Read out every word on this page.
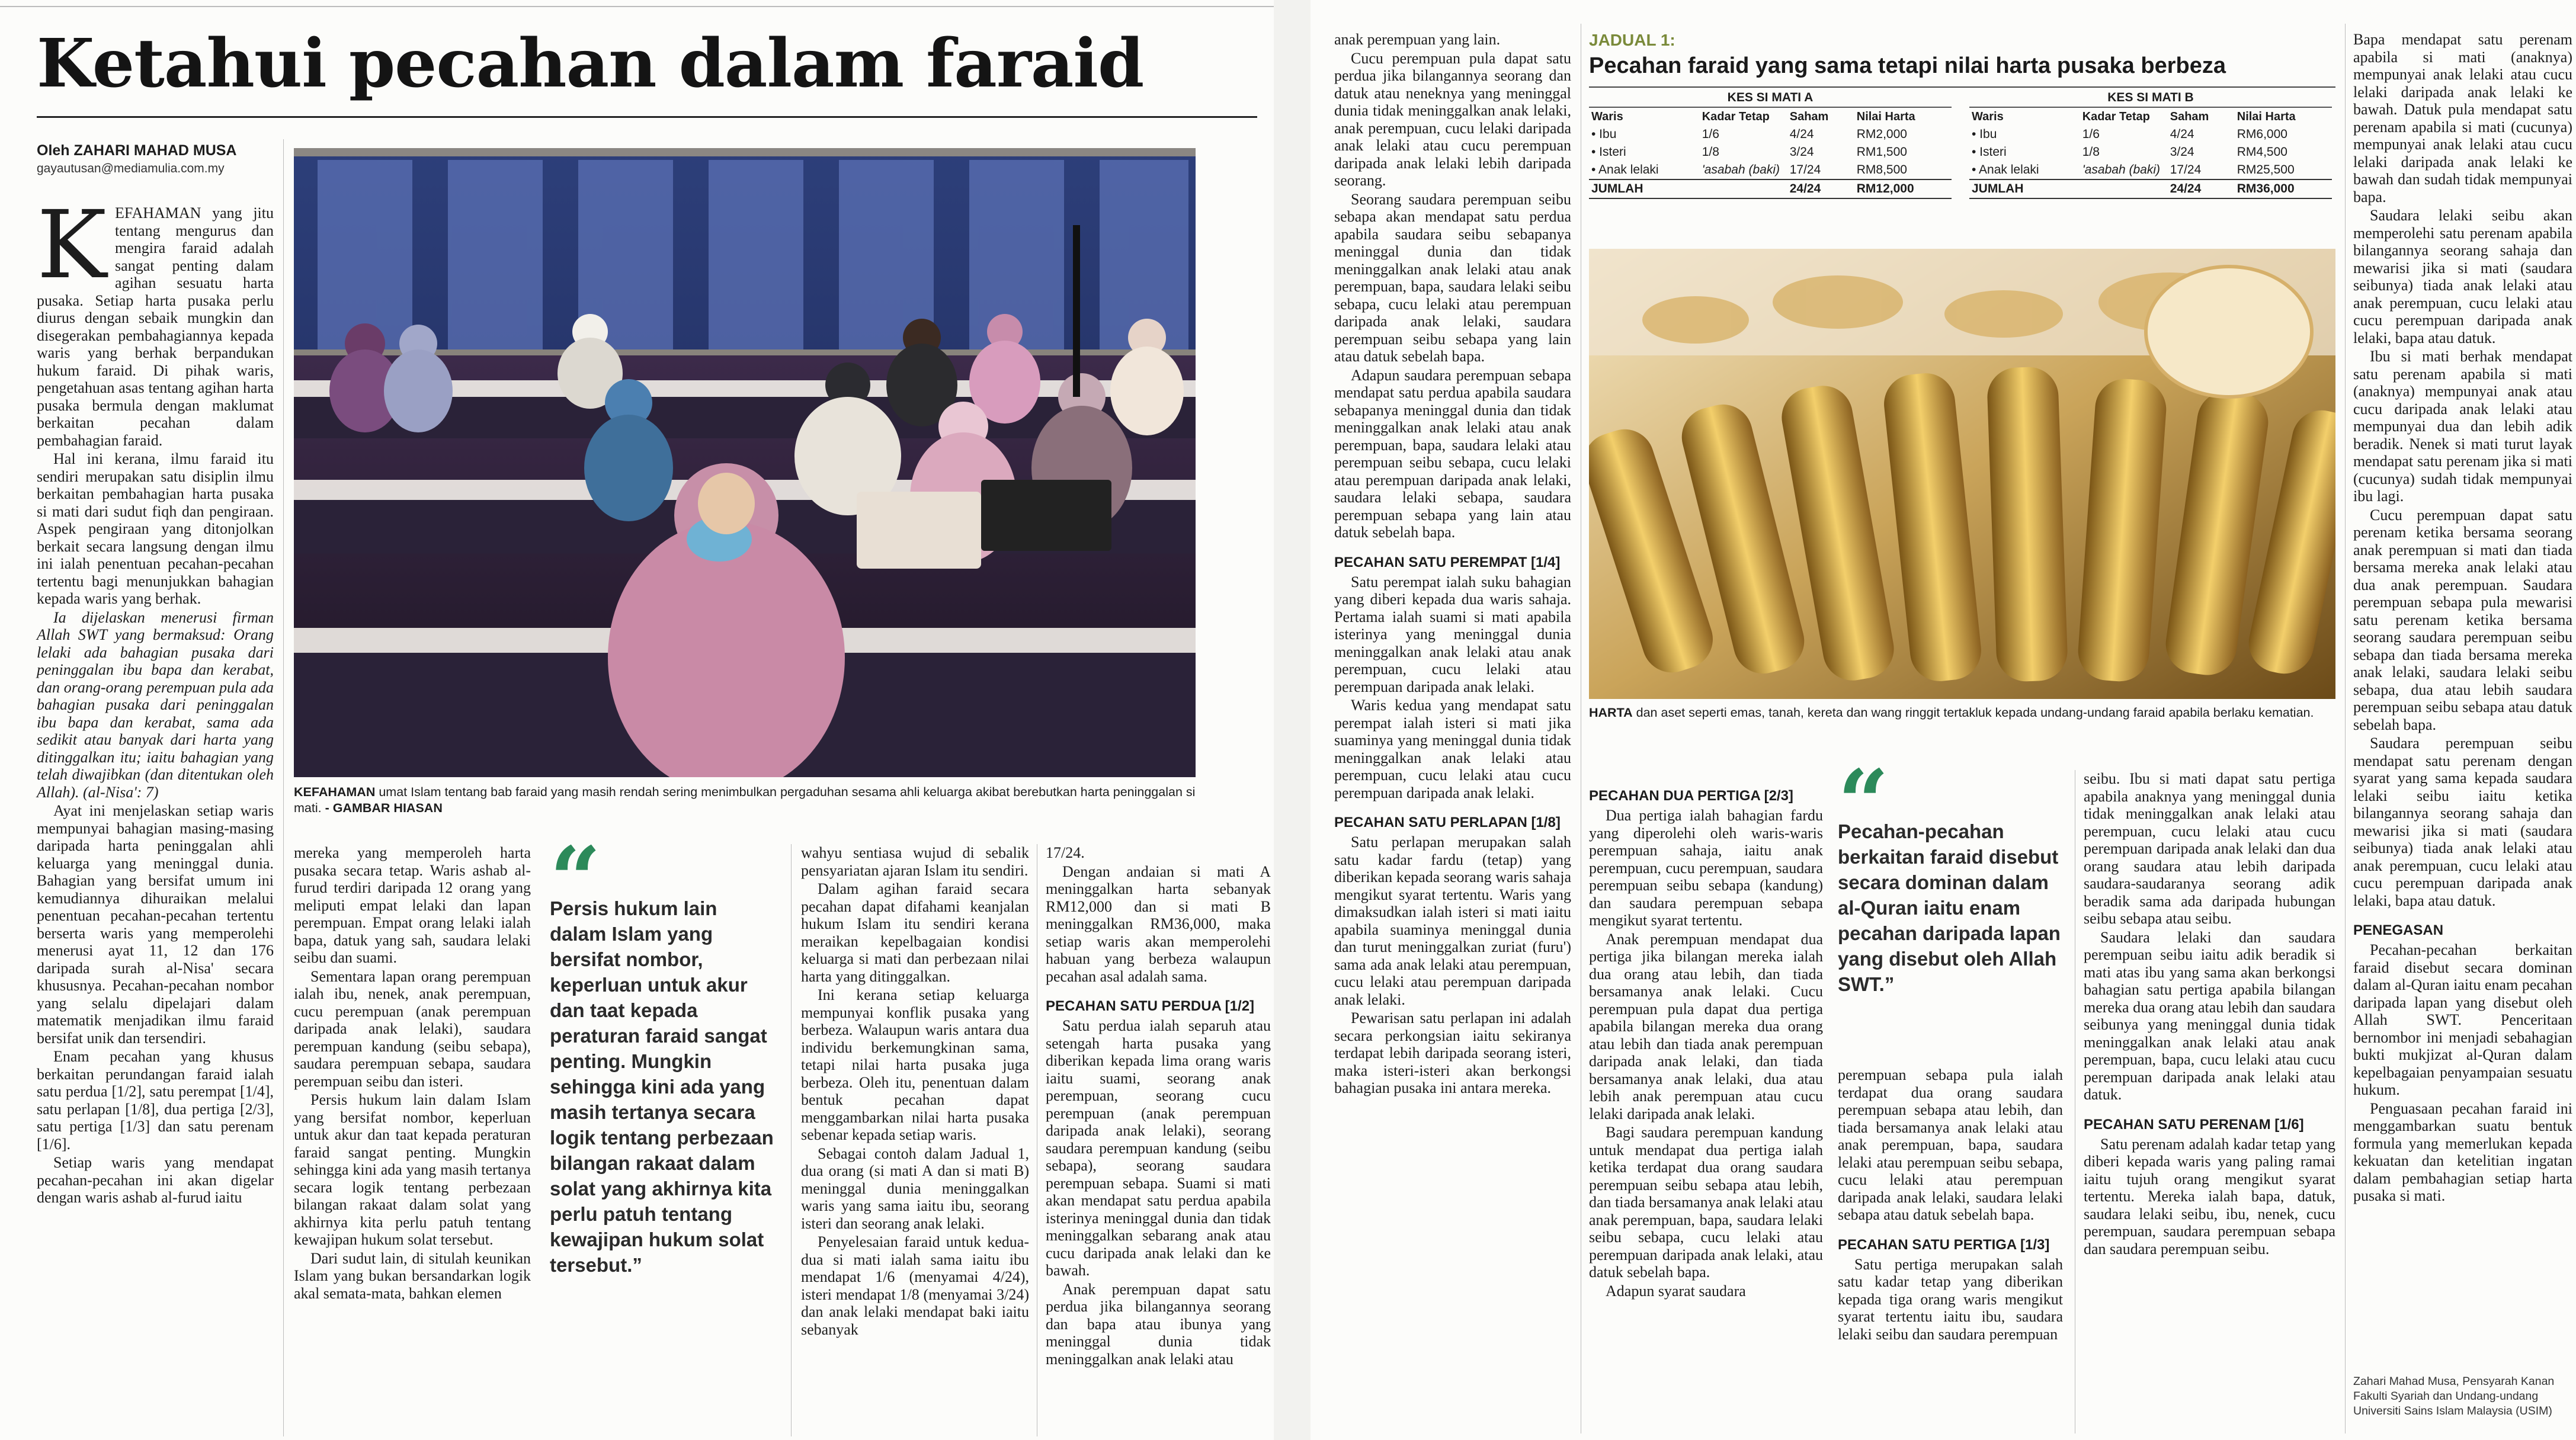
Ketahui pecahan dalam faraid
Oleh ZAHARI MAHAD MUSA
gayautusan@mediamulia.com.my

KEFAHAMAN yang jitu tentang mengurus dan mengira faraid adalah sangat penting dalam agihan sesuatu harta pusaka. Setiap harta pusaka perlu diurus dengan sebaik mungkin dan disegerakan pembahagiannya kepada waris yang berhak berpandukan hukum faraid. Di pihak waris, pengetahuan asas tentang agihan harta pusaka bermula dengan maklumat berkaitan pecahan dalam pembahagian faraid.

Hal ini kerana, ilmu faraid itu sendiri merupakan satu disiplin ilmu berkaitan pembahagian harta pusaka si mati dari sudut fiqh dan pengiraan. Aspek pengiraan yang ditonjolkan berkait secara langsung dengan ilmu ini ialah penentuan pecahan-pecahan tertentu bagi menunjukkan bahagian kepada waris yang berhak.

Ia dijelaskan menerusi firman Allah SWT yang bermaksud: Orang lelaki ada bahagian pusaka dari peninggalan ibu bapa dan kerabat, dan orang-orang perempuan pula ada bahagian pusaka dari peninggalan ibu bapa dan kerabat, sama ada sedikit atau banyak dari harta yang ditinggalkan itu; iaitu bahagian yang telah diwajibkan (dan ditentukan oleh Allah). (al-Nisa': 7)

Ayat ini menjelaskan setiap waris mempunyai bahagian masing-masing daripada harta peninggalan ahli keluarga yang meninggal dunia. Bahagian yang bersifat umum ini kemudiannya dihuraikan melalui penentuan pecahan-pecahan tertentu berserta waris yang memperolehi menerusi ayat 11, 12 dan 176 daripada surah al-Nisa' secara khususnya. Pecahan-pecahan nombor yang selalu dipelajari dalam matematik menjadikan ilmu faraid bersifat unik dan tersendiri.

Enam pecahan yang khusus berkaitan perundangan faraid ialah satu perdua [1/2], satu perempat [1/4], satu perlapan [1/8], dua pertiga [2/3], satu pertiga [1/3] dan satu perenam [1/6].

Setiap waris yang mendapat pecahan-pecahan ini akan digelar dengan waris ashab al-furud iaitu

KEFAHAMAN umat Islam tentang bab faraid yang masih rendah sering menimbulkan pergaduhan sesama ahli keluarga akibat berebutkan harta peninggalan si mati. - GAMBAR HIASAN

mereka yang memperoleh harta pusaka secara tetap. Waris ashab al-furud terdiri daripada 12 orang yang meliputi empat lelaki dan lapan perempuan. Empat orang lelaki ialah bapa, datuk yang sah, saudara lelaki seibu dan suami.

Sementara lapan orang perempuan ialah ibu, nenek, anak perempuan, cucu perempuan (anak perempuan daripada anak lelaki), saudara perempuan kandung (seibu sebapa), saudara perempuan sebapa, saudara perempuan seibu dan isteri.

Persis hukum lain dalam Islam yang bersifat nombor, keperluan untuk akur dan taat kepada peraturan faraid sangat penting. Mungkin sehingga kini ada yang masih tertanya secara logik tentang perbezaan bilangan rakaat dalam solat yang akhirnya kita perlu patuh tentang kewajipan hukum solat tersebut.

Dari sudut lain, di situlah keunikan Islam yang bukan bersandarkan logik akal semata-mata, bahkan elemen

“
Persis hukum lain dalam Islam yang bersifat nombor, keperluan untuk akur dan taat kepada peraturan faraid sangat penting. Mungkin sehingga kini ada yang masih tertanya secara logik tentang perbezaan bilangan rakaat dalam solat yang akhirnya kita perlu patuh tentang kewajipan hukum solat tersebut.”

wahyu sentiasa wujud di sebalik pensyariatan ajaran Islam itu sendiri.

Dalam agihan faraid secara pecahan dapat difahami keanjalan hukum Islam itu sendiri kerana meraikan kepelbagaian kondisi keluarga si mati dan perbezaan nilai harta yang ditinggalkan.

Ini kerana setiap keluarga mempunyai konflik pusaka yang berbeza. Walaupun waris antara dua individu berkemungkinan sama, tetapi nilai harta pusaka juga berbeza. Oleh itu, penentuan dalam bentuk pecahan dapat menggambarkan nilai harta pusaka sebenar kepada setiap waris.

Sebagai contoh dalam Jadual 1, dua orang (si mati A dan si mati B) meninggal dunia meninggalkan waris yang sama iaitu ibu, seorang isteri dan seorang anak lelaki.

Penyelesaian faraid untuk kedua-dua si mati ialah sama iaitu ibu mendapat 1/6 (menyamai 4/24), isteri mendapat 1/8 (menyamai 3/24) dan anak lelaki mendapat baki iaitu sebanyak

17/24.

Dengan andaian si mati A meninggalkan harta sebanyak RM12,000 dan si mati B meninggalkan RM36,000, maka setiap waris akan memperolehi habuan yang berbeza walaupun pecahan asal adalah sama.

PECAHAN SATU PERDUA [1/2]

Satu perdua ialah separuh atau setengah harta pusaka yang diberikan kepada lima orang waris iaitu suami, seorang anak perempuan, seorang cucu perempuan (anak perempuan daripada anak lelaki), seorang saudara perempuan kandung (seibu sebapa), seorang saudara perempuan sebapa. Suami si mati akan mendapat satu perdua apabila isterinya meninggal dunia dan tidak meninggalkan sebarang anak atau cucu daripada anak lelaki dan ke bawah.

Anak perempuan dapat satu perdua jika bilangannya seorang dan bapa atau ibunya yang meninggal dunia tidak meninggalkan anak lelaki atau

anak perempuan yang lain.

Cucu perempuan pula dapat satu perdua jika bilangannya seorang dan datuk atau neneknya yang meninggal dunia tidak meninggalkan anak lelaki, anak perempuan, cucu lelaki daripada anak lelaki atau cucu perempuan daripada anak lelaki lebih daripada seorang.

Seorang saudara perempuan seibu sebapa akan mendapat satu perdua apabila saudara seibu sebapanya meninggal dunia dan tidak meninggalkan anak lelaki atau anak perempuan, bapa, saudara lelaki seibu sebapa, cucu lelaki atau perempuan daripada anak lelaki, saudara perempuan seibu sebapa yang lain atau datuk sebelah bapa.

Adapun saudara perempuan sebapa mendapat satu perdua apabila saudara sebapanya meninggal dunia dan tidak meninggalkan anak lelaki atau anak perempuan, bapa, saudara lelaki atau perempuan seibu sebapa, cucu lelaki atau perempuan daripada anak lelaki, saudara lelaki sebapa, saudara perempuan sebapa yang lain atau datuk sebelah bapa.

PECAHAN SATU PEREMPAT [1/4]

Satu perempat ialah suku bahagian yang diberi kepada dua waris sahaja. Pertama ialah suami si mati apabila isterinya yang meninggal dunia meninggalkan anak lelaki atau anak perempuan, cucu lelaki atau perempuan daripada anak lelaki.

Waris kedua yang mendapat satu perempat ialah isteri si mati jika suaminya yang meninggal dunia tidak meninggalkan anak lelaki atau perempuan, cucu lelaki atau cucu perempuan daripada anak lelaki.

PECAHAN SATU PERLAPAN [1/8]

Satu perlapan merupakan salah satu kadar fardu (tetap) yang diberikan kepada seorang waris sahaja mengikut syarat tertentu. Waris yang dimaksudkan ialah isteri si mati iaitu apabila suaminya meninggal dunia dan turut meninggalkan zuriat (furu') sama ada anak lelaki atau perempuan, cucu lelaki atau perempuan daripada anak lelaki.

Pewarisan satu perlapan ini adalah secara perkongsian iaitu sekiranya terdapat lebih daripada seorang isteri, maka isteri-isteri akan berkongsi bahagian pusaka ini antara mereka.

JADUAL 1:
Pecahan faraid yang sama tetapi nilai harta pusaka berbeza
KES SI MATI A			
Waris	Kadar Tetap	Saham	Nilai Harta
• Ibu	1/6	4/24	RM2,000
• Isteri	1/8	3/24	RM1,500
• Anak lelaki	'asabah (baki)	17/24	RM8,500
JUMLAH		24/24	RM12,000
KES SI MATI B			
Waris	Kadar Tetap	Saham	Nilai Harta
• Ibu	1/6	4/24	RM6,000
• Isteri	1/8	3/24	RM4,500
• Anak lelaki	'asabah (baki)	17/24	RM25,500
JUMLAH		24/24	RM36,000
HARTA dan aset seperti emas, tanah, kereta dan wang ringgit tertakluk kepada undang-undang faraid apabila berlaku kematian.

PECAHAN DUA PERTIGA [2/3]

Dua pertiga ialah bahagian fardu yang diperolehi oleh waris-waris perempuan sahaja, iaitu anak perempuan, cucu perempuan, saudara perempuan seibu sebapa (kandung) dan saudara perempuan sebapa mengikut syarat tertentu.

Anak perempuan mendapat dua pertiga jika bilangan mereka ialah dua orang atau lebih, dan tiada bersamanya anak lelaki. Cucu perempuan pula dapat dua pertiga apabila bilangan mereka dua orang atau lebih dan tiada anak perempuan daripada anak lelaki, dan tiada bersamanya anak lelaki, dua atau lebih anak perempuan atau cucu lelaki daripada anak lelaki.

Bagi saudara perempuan kandung untuk mendapat dua pertiga ialah ketika terdapat dua orang saudara perempuan seibu sebapa atau lebih, dan tiada bersamanya anak lelaki atau anak perempuan, bapa, saudara lelaki seibu sebapa, cucu lelaki atau perempuan daripada anak lelaki, atau datuk sebelah bapa.

Adapun syarat saudara

“
Pecahan-pecahan berkaitan faraid disebut secara dominan dalam al-Quran iaitu enam pecahan daripada lapan yang disebut oleh Allah SWT.”

perempuan sebapa pula ialah terdapat dua orang saudara perempuan sebapa atau lebih, dan tiada bersamanya anak lelaki atau anak perempuan, bapa, saudara lelaki atau perempuan seibu sebapa, cucu lelaki atau perempuan daripada anak lelaki, saudara lelaki sebapa atau datuk sebelah bapa.

PECAHAN SATU PERTIGA [1/3]

Satu pertiga merupakan salah satu kadar tetap yang diberikan kepada tiga orang waris mengikut syarat tertentu iaitu ibu, saudara lelaki seibu dan saudara perempuan

seibu. Ibu si mati dapat satu pertiga apabila anaknya yang meninggal dunia tidak meninggalkan anak lelaki atau perempuan, cucu lelaki atau cucu perempuan daripada anak lelaki dan dua orang saudara atau lebih daripada saudara-saudaranya seorang adik beradik sama ada daripada hubungan seibu sebapa atau seibu.

Saudara lelaki dan saudara perempuan seibu iaitu adik beradik si mati atas ibu yang sama akan berkongsi bahagian satu pertiga apabila bilangan mereka dua orang atau lebih dan saudara seibunya yang meninggal dunia tidak meninggalkan anak lelaki atau anak perempuan, bapa, cucu lelaki atau cucu perempuan daripada anak lelaki atau datuk.

PECAHAN SATU PERENAM [1/6]

Satu perenam adalah kadar tetap yang diberi kepada waris yang paling ramai iaitu tujuh orang mengikut syarat tertentu. Mereka ialah bapa, datuk, saudara lelaki seibu, ibu, nenek, cucu perempuan, saudara perempuan sebapa dan saudara perempuan seibu.

Bapa mendapat satu perenam apabila si mati (anaknya) mempunyai anak lelaki atau cucu lelaki daripada anak lelaki ke bawah. Datuk pula mendapat satu perenam apabila si mati (cucunya) mempunyai anak lelaki atau cucu lelaki daripada anak lelaki ke bawah dan sudah tidak mempunyai bapa.

Saudara lelaki seibu akan memperolehi satu perenam apabila bilangannya seorang sahaja dan mewarisi jika si mati (saudara seibunya) tiada anak lelaki atau anak perempuan, cucu lelaki atau cucu perempuan daripada anak lelaki, bapa atau datuk.

Ibu si mati berhak mendapat satu perenam apabila si mati (anaknya) mempunyai anak atau cucu daripada anak lelaki atau mempunyai dua dan lebih adik beradik. Nenek si mati turut layak mendapat satu perenam jika si mati (cucunya) sudah tidak mempunyai ibu lagi.

Cucu perempuan dapat satu perenam ketika bersama seorang anak perempuan si mati dan tiada bersama mereka anak lelaki atau dua anak perempuan. Saudara perempuan sebapa pula mewarisi satu perenam ketika bersama seorang saudara perempuan seibu sebapa dan tiada bersama mereka anak lelaki, saudara lelaki seibu sebapa, dua atau lebih saudara perempuan seibu sebapa atau datuk sebelah bapa.

Saudara perempuan seibu mendapat satu perenam dengan syarat yang sama kepada saudara lelaki seibu iaitu ketika bilangannya seorang sahaja dan mewarisi jika si mati (saudara seibunya) tiada anak lelaki atau anak perempuan, cucu lelaki atau cucu perempuan daripada anak lelaki, bapa atau datuk.

PENEGASAN

Pecahan-pecahan berkaitan faraid disebut secara dominan dalam al-Quran iaitu enam pecahan daripada lapan yang disebut oleh Allah SWT. Penceritaan bernombor ini menjadi sebahagian bukti mukjizat al-Quran dalam kepelbagaian penyampaian sesuatu hukum.

Penguasaan pecahan faraid ini menggambarkan suatu bentuk formula yang memerlukan kepada kekuatan dan ketelitian ingatan dalam pembahagian setiap harta pusaka si mati.

Zahari Mahad Musa, Pensyarah Kanan Fakulti Syariah dan Undang-undang Universiti Sains Islam Malaysia (USIM)
